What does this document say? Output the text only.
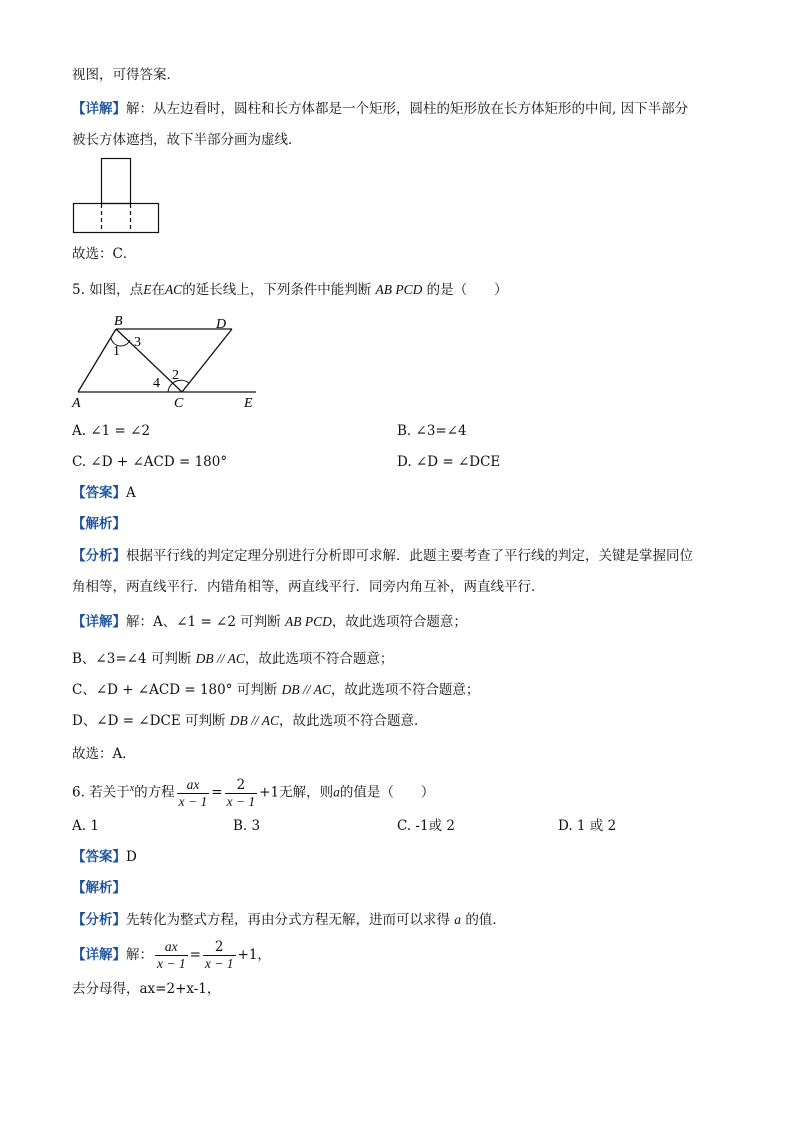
视图，可得答案．
【详解】解：从左边看时，圆柱和长方体都是一个矩形，圆柱的矩形放在长方体矩形的中间, 因下半部分
被长方体遮挡，故下半部分画为虚线．
故选：C．
5. 如图，点E在AC的延长线上，下列条件中能判断 AB PCD 的是（　　）
B	D
A	C	E
1
2
3
4
A. ∠1 = ∠2	B. ∠3=∠4
C. ∠D + ∠ACD = 180°	D. ∠D = ∠DCE
【答案】A
【解析】
【分析】根据平行线的判定定理分别进行分析即可求解．此题主要考查了平行线的判定，关键是掌握同位
角相等，两直线平行．内错角相等，两直线平行．同旁内角互补，两直线平行．
【详解】解：A、∠1 = ∠2 可判断 AB PCD，故此选项符合题意；
B、∠3=∠4 可判断 DB // AC，故此选项不符合题意；
C、∠D + ∠ACD = 180° 可判断 DB // AC，故此选项不符合题意；
D、∠D = ∠DCE 可判断 DB // AC，故此选项不符合题意．
故选：A．
6. 若关于$^x$的方程 $\frac{ax}{x - 1} = \frac{2}{x - 1} +1$无解，则a的值是（　　）
A. 1	B. 3	C. -1或 2	D. 1 或 2
【答案】D
【解析】
【分析】先转化为整式方程，再由分式方程无解，进而可以求得 a 的值．
【详解】解： $\frac{ax}{x - 1} = \frac{2}{x - 1} +1$，
去分母得，ax=2+x-1，
